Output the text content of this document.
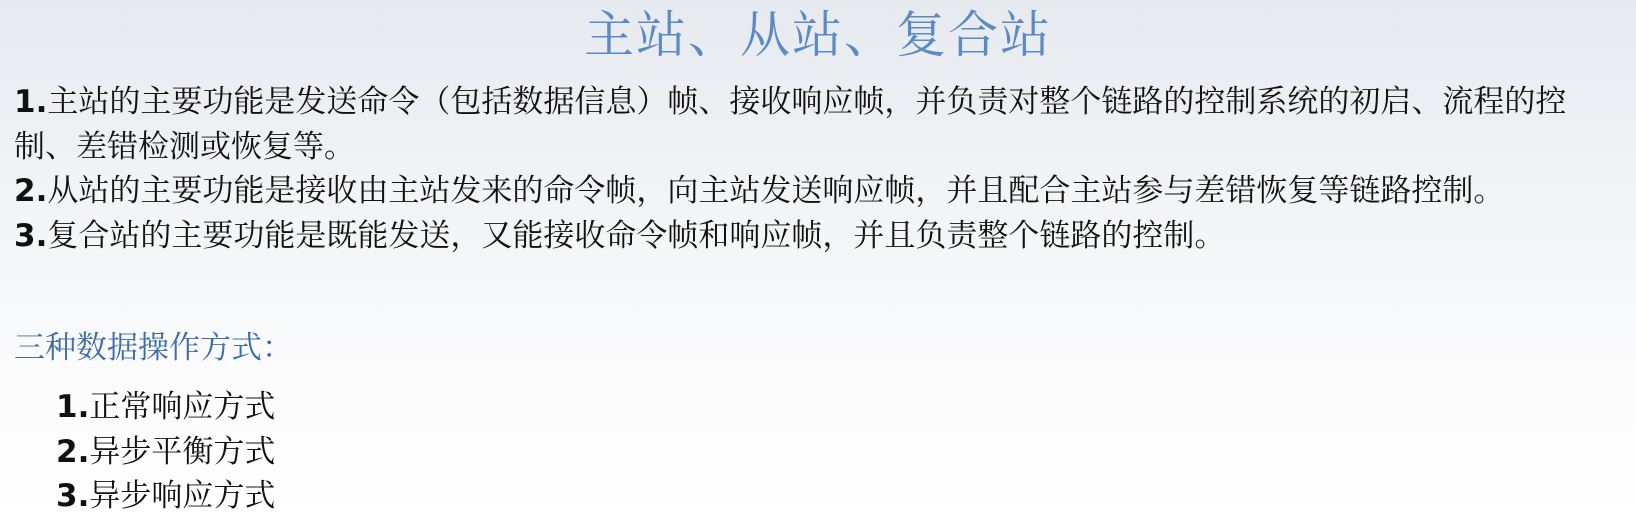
主站、从站、复合站

1.主站的主要功能是发送命令（包括数据信息）帧、接收响应帧，并负责对整个链路的控制系统的初启、流程的控制、差错检测或恢复等。

2.从站的主要功能是接收由主站发来的命令帧，向主站发送响应帧，并且配合主站参与差错恢复等链路控制。

3.复合站的主要功能是既能发送，又能接收命令帧和响应帧，并且负责整个链路的控制。

三种数据操作方式：
1.正常响应方式
2.异步平衡方式
3.异步响应方式
